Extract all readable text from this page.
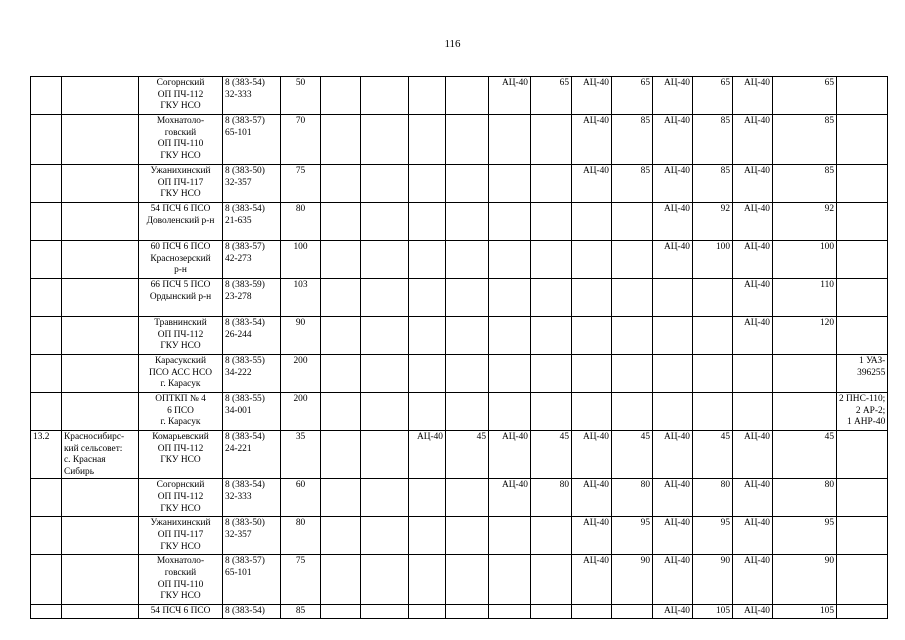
116
		Согорнский
ОП ПЧ-112
ГКУ НСО	8 (383-54)
32-333	50					АЦ-40	65	АЦ-40	65	АЦ-40	65	АЦ-40	65	
		Мохнатоло-
говский
ОП ПЧ-110
ГКУ НСО	8 (383-57)
65-101	70							АЦ-40	85	АЦ-40	85	АЦ-40	85	
		Ужанихинский
ОП ПЧ-117
ГКУ НСО	8 (383-50)
32-357	75							АЦ-40	85	АЦ-40	85	АЦ-40	85	
		54 ПСЧ 6 ПСО
Доволенский р-н	8 (383-54)
21-635	80									АЦ-40	92	АЦ-40	92	
		60 ПСЧ 6 ПСО
Краснозерский
р-н	8 (383-57)
42-273	100									АЦ-40	100	АЦ-40	100	
		66 ПСЧ 5 ПСО
Ордынский р-н	8 (383-59)
23-278	103											АЦ-40	110	
		Травнинский
ОП ПЧ-112
ГКУ НСО	8 (383-54)
26-244	90											АЦ-40	120	
		Карасукский
ПСО АСС НСО
г. Карасук	8 (383-55)
34-222	200													1 УАЗ-
396255
		ОПТКП № 4
6 ПСО
г. Карасук	8 (383-55)
34-001	200													2 ПНС-110;
2 АР-2;
1 АНР-40
13.2	Красносибирс-
кий сельсовет:
с. Красная
Сибирь	Комарьевский
ОП ПЧ-112
ГКУ НСО	8 (383-54)
24-221	35			АЦ-40	45	АЦ-40	45	АЦ-40	45	АЦ-40	45	АЦ-40	45	
		Согорнский
ОП ПЧ-112
ГКУ НСО	8 (383-54)
32-333	60					АЦ-40	80	АЦ-40	80	АЦ-40	80	АЦ-40	80	
		Ужанихинский
ОП ПЧ-117
ГКУ НСО	8 (383-50)
32-357	80							АЦ-40	95	АЦ-40	95	АЦ-40	95	
		Мохнатоло-
говский
ОП ПЧ-110
ГКУ НСО	8 (383-57)
65-101	75							АЦ-40	90	АЦ-40	90	АЦ-40	90	
		54 ПСЧ 6 ПСО	8 (383-54)	85									АЦ-40	105	АЦ-40	105	
